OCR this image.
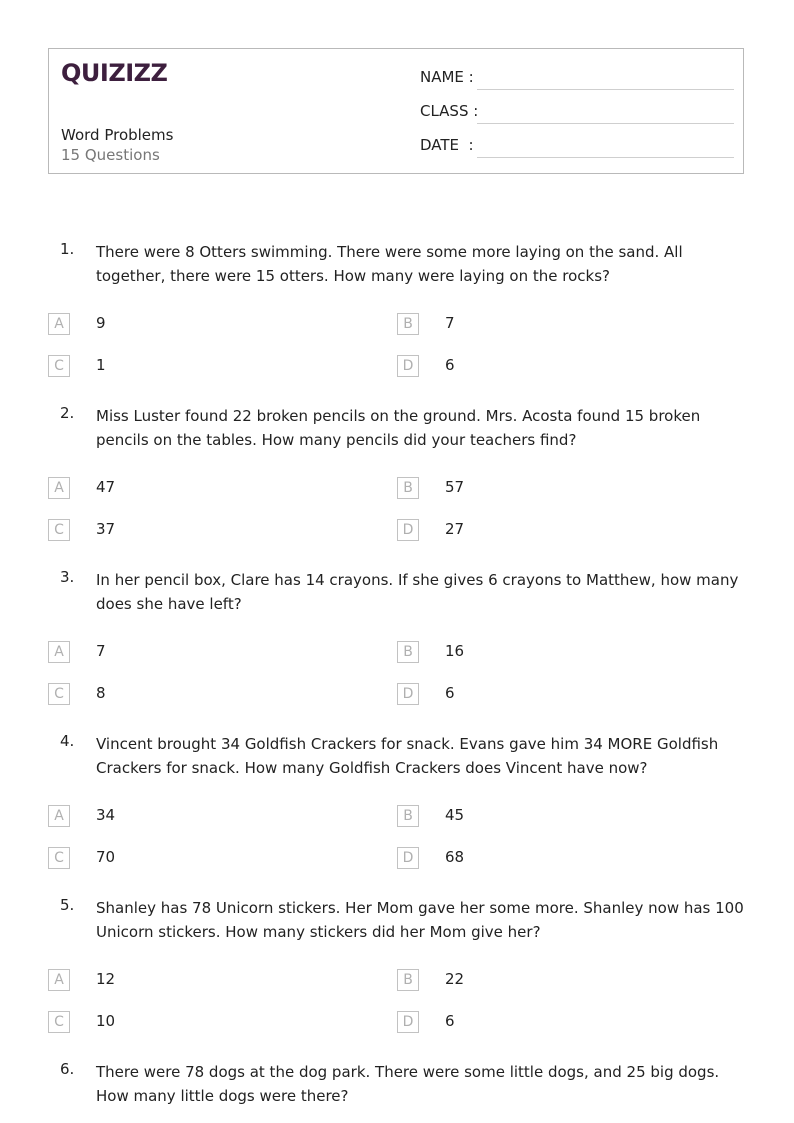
QUIZIZZ
Word Problems
15 Questions
NAME :
CLASS :
DATE  :
1. There were 8 Otters swimming. There were some more laying on the sand. All together, there were 15 otters. How many were laying on the rocks?
A	9	B	7
C	1	D	6
2. Miss Luster found 22 broken pencils on the ground. Mrs. Acosta found 15 broken pencils on the tables. How many pencils did your teachers find?
A	47	B	57
C	37	D	27
3. In her pencil box, Clare has 14 crayons. If she gives 6 crayons to Matthew, how many does she have left?
A	7	B	16
C	8	D	6
4. Vincent brought 34 Goldfish Crackers for snack. Evans gave him 34 MORE Goldfish Crackers for snack. How many Goldfish Crackers does Vincent have now?
A	34	B	45
C	70	D	68
5. Shanley has 78 Unicorn stickers. Her Mom gave her some more. Shanley now has 100 Unicorn stickers. How many stickers did her Mom give her?
A	12	B	22
C	10	D	6
6. There were 78 dogs at the dog park. There were some little dogs, and 25 big dogs. How many little dogs were there?
